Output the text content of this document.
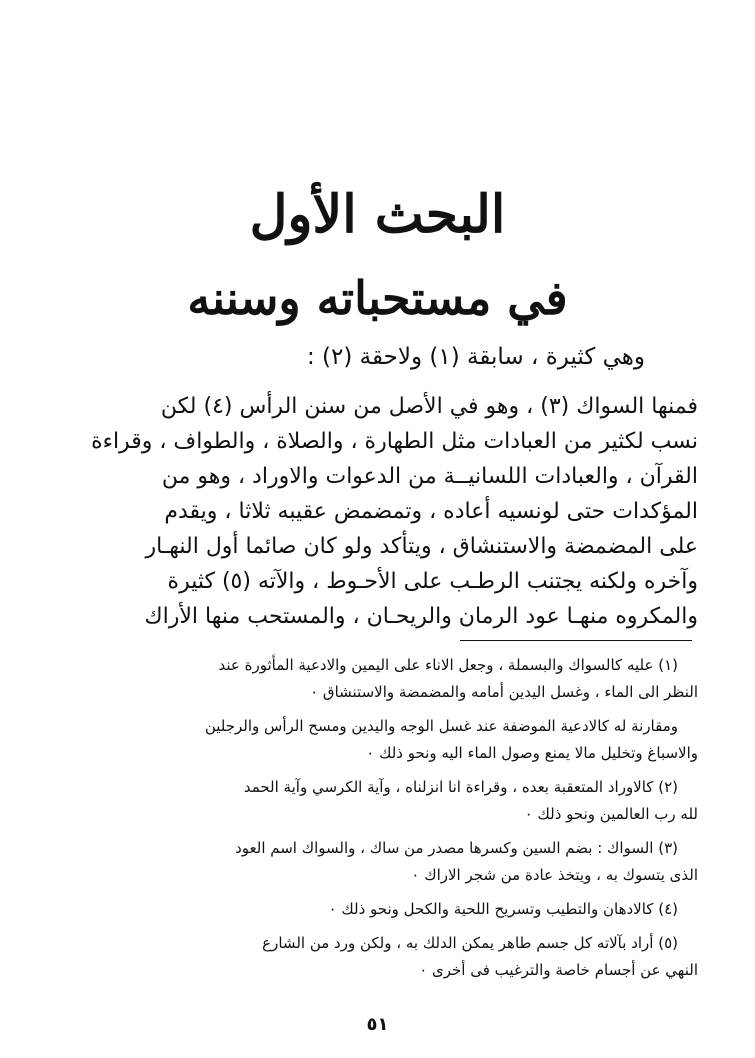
البحث الأول
في مستحباته وسننه
وهي كثيرة ، سابقة (١) ولاحقة (٢) :
فمنها السواك (٣) ، وهو في الأصل من سنن الرأس (٤) لكن
نسب لكثير من العبادات مثل الطهارة ، والصلاة ، والطواف ، وقراءة
القرآن ، والعبادات اللسانيــة من الدعوات والاوراد ، وهو من
المؤكدات حتى لونسيه أعاده ، وتمضمض عقيبه ثلاثا ، ويقدم
على المضمضة والاستنشاق ، ويتأكد ولو كان صائما أول النهـار
وآخره ولكنه يجتنب الرطـب على الأحـوط ، والآته (٥) كثيرة
والمكروه منهـا عود الرمان والريحـان ، والمستحب منها الأراك
(١) عليه كالسواك والبسملة ، وجعل الاناء على اليمين والادعية المأثورة عند
النظر الى الماء ، وغسل اليدين أمامه والمضمضة والاستنشاق ٠
ومقارنة له كالادعية الموضفة عند غسل الوجه واليدين ومسح الرأس والرجلين
والاسباغ وتخليل مالا يمنع وصول الماء اليه ونحو ذلك ٠
(٢) كالاوراد المتعقبة بعده ، وقراءة انا انزلناه ، وآية الكرسي وآية الحمد
لله رب العالمين ونحو ذلك ٠
(٣) السواك : بضم السين وكسرها مصدر من ساك ، والسواك اسم العود
الذى يتسوك به ، ويتخذ عادة من شجر الاراك ٠
(٤) كالادهان والتطيب وتسريح اللحية والكحل ونحو ذلك ٠
(٥) أراد بآلاته كل جسم طاهر يمكن الدلك به ، ولكن ورد من الشارع
النهي عن أجسام خاصة والترغيب فى أخرى ٠
٥١
